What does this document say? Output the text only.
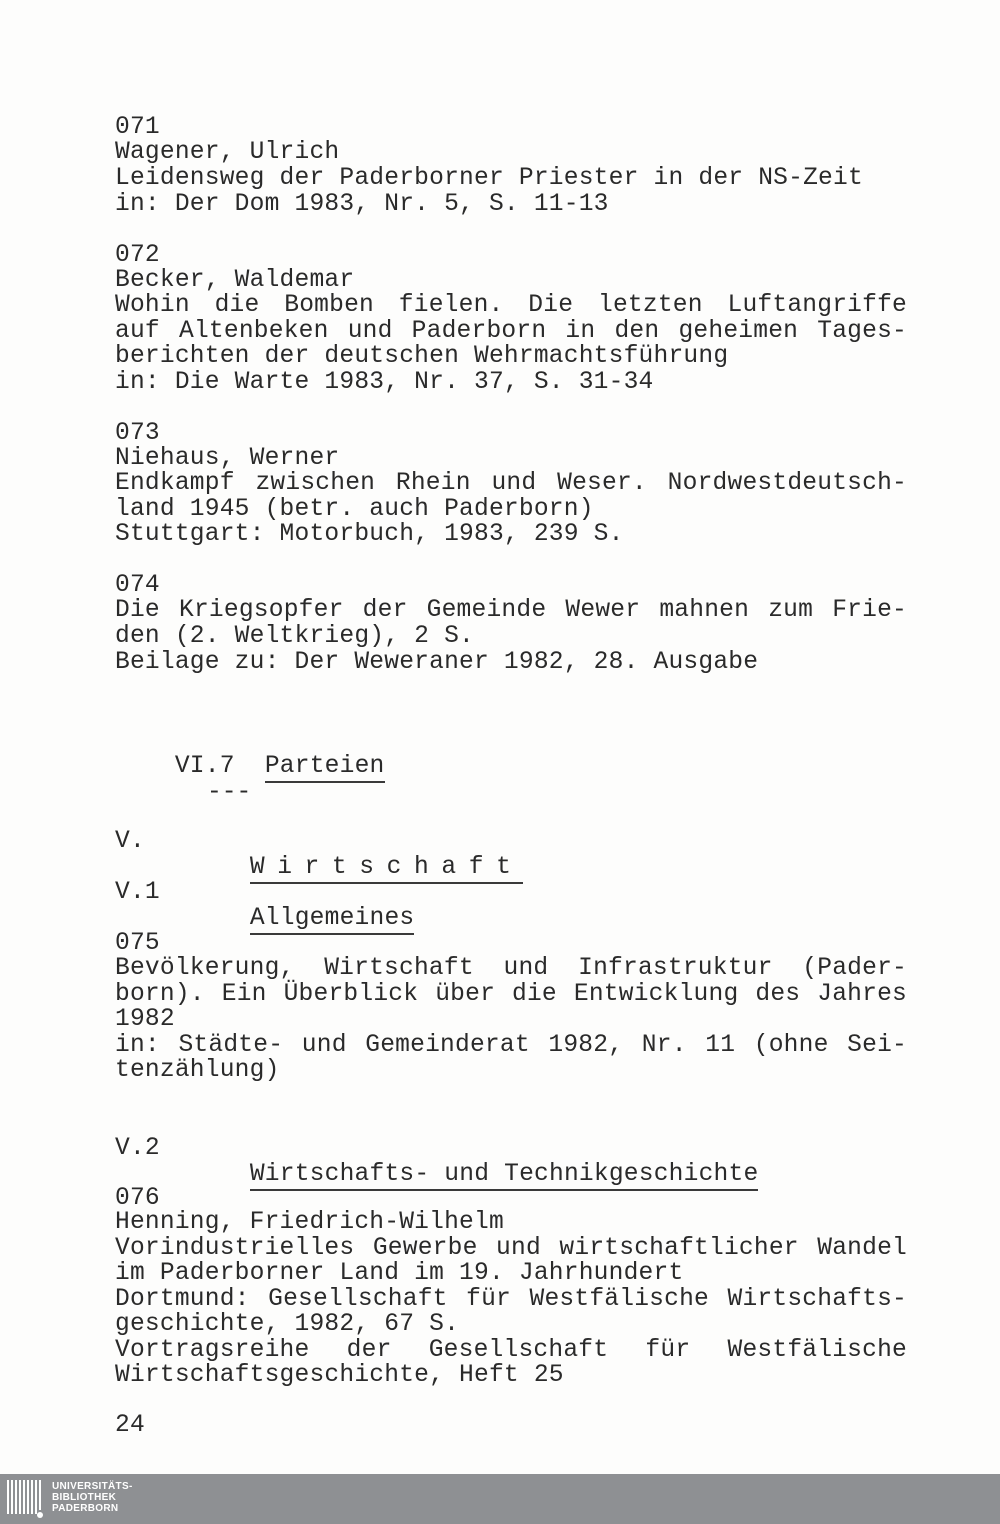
071
Wagener, Ulrich
Leidensweg der Paderborner Priester in der NS-Zeit
in: Der Dom 1983, Nr. 5, S. 11-13
072
Becker, Waldemar
Wohin die Bomben fielen. Die letzten Luftangriffe
auf Altenbeken und Paderborn in den geheimen Tages-
berichten der deutschen Wehrmachtsführung
in: Die Warte 1983, Nr. 37, S. 31-34
073
Niehaus, Werner
Endkampf zwischen Rhein und Weser. Nordwestdeutsch-
land 1945 (betr. auch Paderborn)
Stuttgart: Motorbuch, 1983, 239 S.
074
Die Kriegsopfer der Gemeinde Wewer mahnen zum Frie-
den (2. Weltkrieg), 2 S.
Beilage zu: Der Weweraner 1982, 28. Ausgabe

VI.7
	Parteien

---
V.

Wirtschaft

V.1

Allgemeines

075
Bevölkerung, Wirtschaft und Infrastruktur (Pader-
born). Ein Überblick über die Entwicklung des Jahres
1982
in: Städte- und Gemeinderat 1982, Nr. 11 (ohne Sei-
tenzählung)
V.2

Wirtschafts- und Technikgeschichte

076
Henning, Friedrich-Wilhelm
Vorindustrielles Gewerbe und wirtschaftlicher Wandel
im Paderborner Land im 19. Jahrhundert
Dortmund: Gesellschaft für Westfälische Wirtschafts-
geschichte, 1982, 67 S.
Vortragsreihe der Gesellschaft für Westfälische
Wirtschaftsgeschichte, Heft 25
24
UNIVERSITÄTS-
BIBLIOTHEK
PADERBORN
